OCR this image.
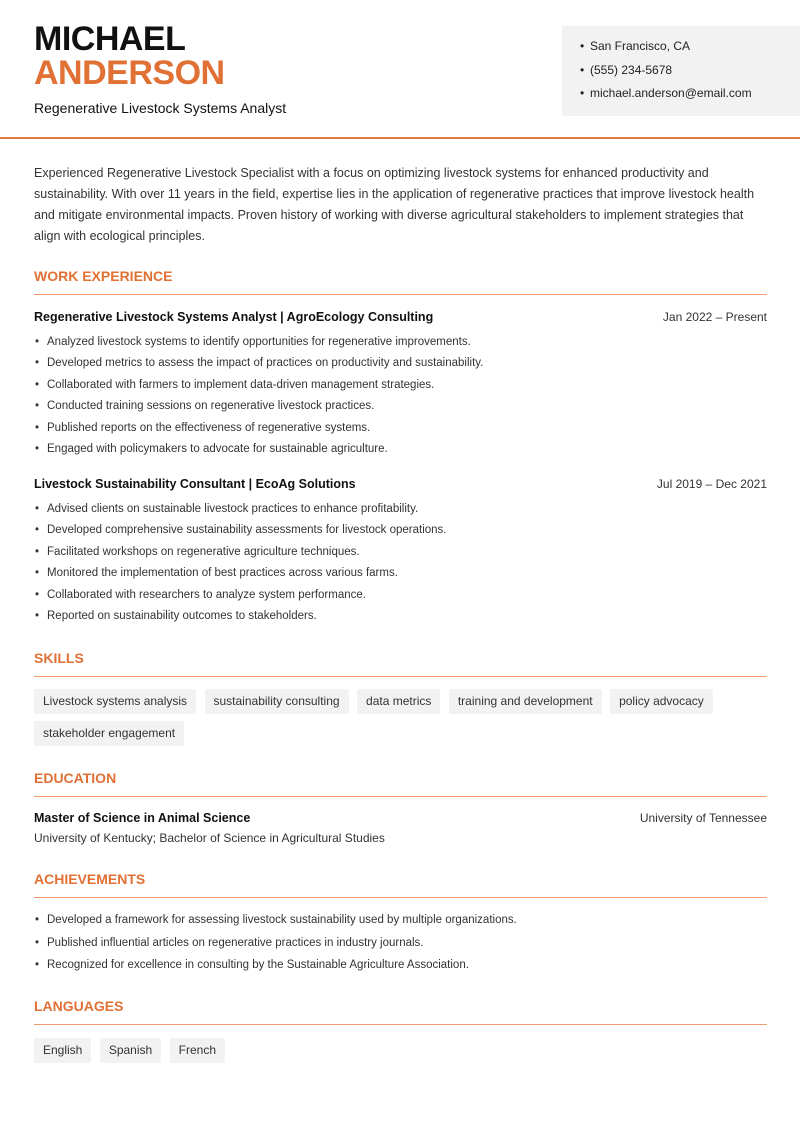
MICHAEL
ANDERSON
Regenerative Livestock Systems Analyst
• San Francisco, CA
• (555) 234-5678
• michael.anderson@email.com
Experienced Regenerative Livestock Specialist with a focus on optimizing livestock systems for enhanced productivity and sustainability. With over 11 years in the field, expertise lies in the application of regenerative practices that improve livestock health and mitigate environmental impacts. Proven history of working with diverse agricultural stakeholders to implement strategies that align with ecological principles.
WORK EXPERIENCE
Regenerative Livestock Systems Analyst | AgroEcology Consulting	Jan 2022 – Present
• Analyzed livestock systems to identify opportunities for regenerative improvements.
• Developed metrics to assess the impact of practices on productivity and sustainability.
• Collaborated with farmers to implement data-driven management strategies.
• Conducted training sessions on regenerative livestock practices.
• Published reports on the effectiveness of regenerative systems.
• Engaged with policymakers to advocate for sustainable agriculture.
Livestock Sustainability Consultant | EcoAg Solutions	Jul 2019 – Dec 2021
• Advised clients on sustainable livestock practices to enhance profitability.
• Developed comprehensive sustainability assessments for livestock operations.
• Facilitated workshops on regenerative agriculture techniques.
• Monitored the implementation of best practices across various farms.
• Collaborated with researchers to analyze system performance.
• Reported on sustainability outcomes to stakeholders.
SKILLS
Livestock systems analysis sustainability consulting data metrics training and development policy advocacy stakeholder engagement
EDUCATION
Master of Science in Animal Science	University of Tennessee
University of Kentucky; Bachelor of Science in Agricultural Studies
ACHIEVEMENTS
• Developed a framework for assessing livestock sustainability used by multiple organizations.
• Published influential articles on regenerative practices in industry journals.
• Recognized for excellence in consulting by the Sustainable Agriculture Association.
LANGUAGES
English Spanish French
